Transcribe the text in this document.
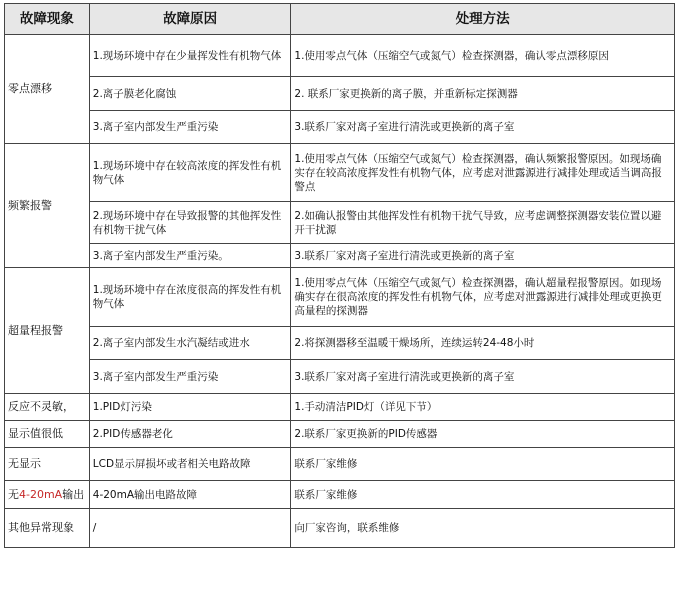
故障现象	故障原因	处理方法
零点漂移	1.现场环境中存在少量挥发性有机物气体	1.使用零点气体（压缩空气或氮气）检查探测器，确认零点漂移原因
	2.离子膜老化腐蚀	2. 联系厂家更换新的离子膜，并重新标定探测器
	3.离子室内部发生严重污染	3.联系厂家对离子室进行清洗或更换新的离子室
频繁报警	1.现场环境中存在较高浓度的挥发性有机物气体	1.使用零点气体（压缩空气或氮气）检查探测器，确认频繁报警原因。如现场确实存在较高浓度挥发性有机物气体，应考虑对泄露源进行减排处理或适当调高报警点
	2.现场环境中存在导致报警的其他挥发性有机物干扰气体	2.如确认报警由其他挥发性有机物干扰气导致，应考虑调整探测器安装位置以避开干扰源
	3.离子室内部发生严重污染。	3.联系厂家对离子室进行清洗或更换新的离子室
超量程报警	1.现场环境中存在浓度很高的挥发性有机物气体	1.使用零点气体（压缩空气或氮气）检查探测器，确认超量程报警原因。如现场确实存在很高浓度的挥发性有机物气体，应考虑对泄露源进行减排处理或更换更高量程的探测器
	2.离子室内部发生水汽凝结或进水	2.将探测器移至温暖干燥场所，连续运转24-48小时
	3.离子室内部发生严重污染	3.联系厂家对离子室进行清洗或更换新的离子室
反应不灵敏，	1.PID灯污染	1.手动清洁PID灯（详见下节）
显示值很低	2.PID传感器老化	2.联系厂家更换新的PID传感器
无显示	LCD显示屏损坏或者相关电路故障	联系厂家维修
无4-20mA输出	4-20mA输出电路故障	联系厂家维修
其他异常现象	/	向厂家咨询，联系维修
